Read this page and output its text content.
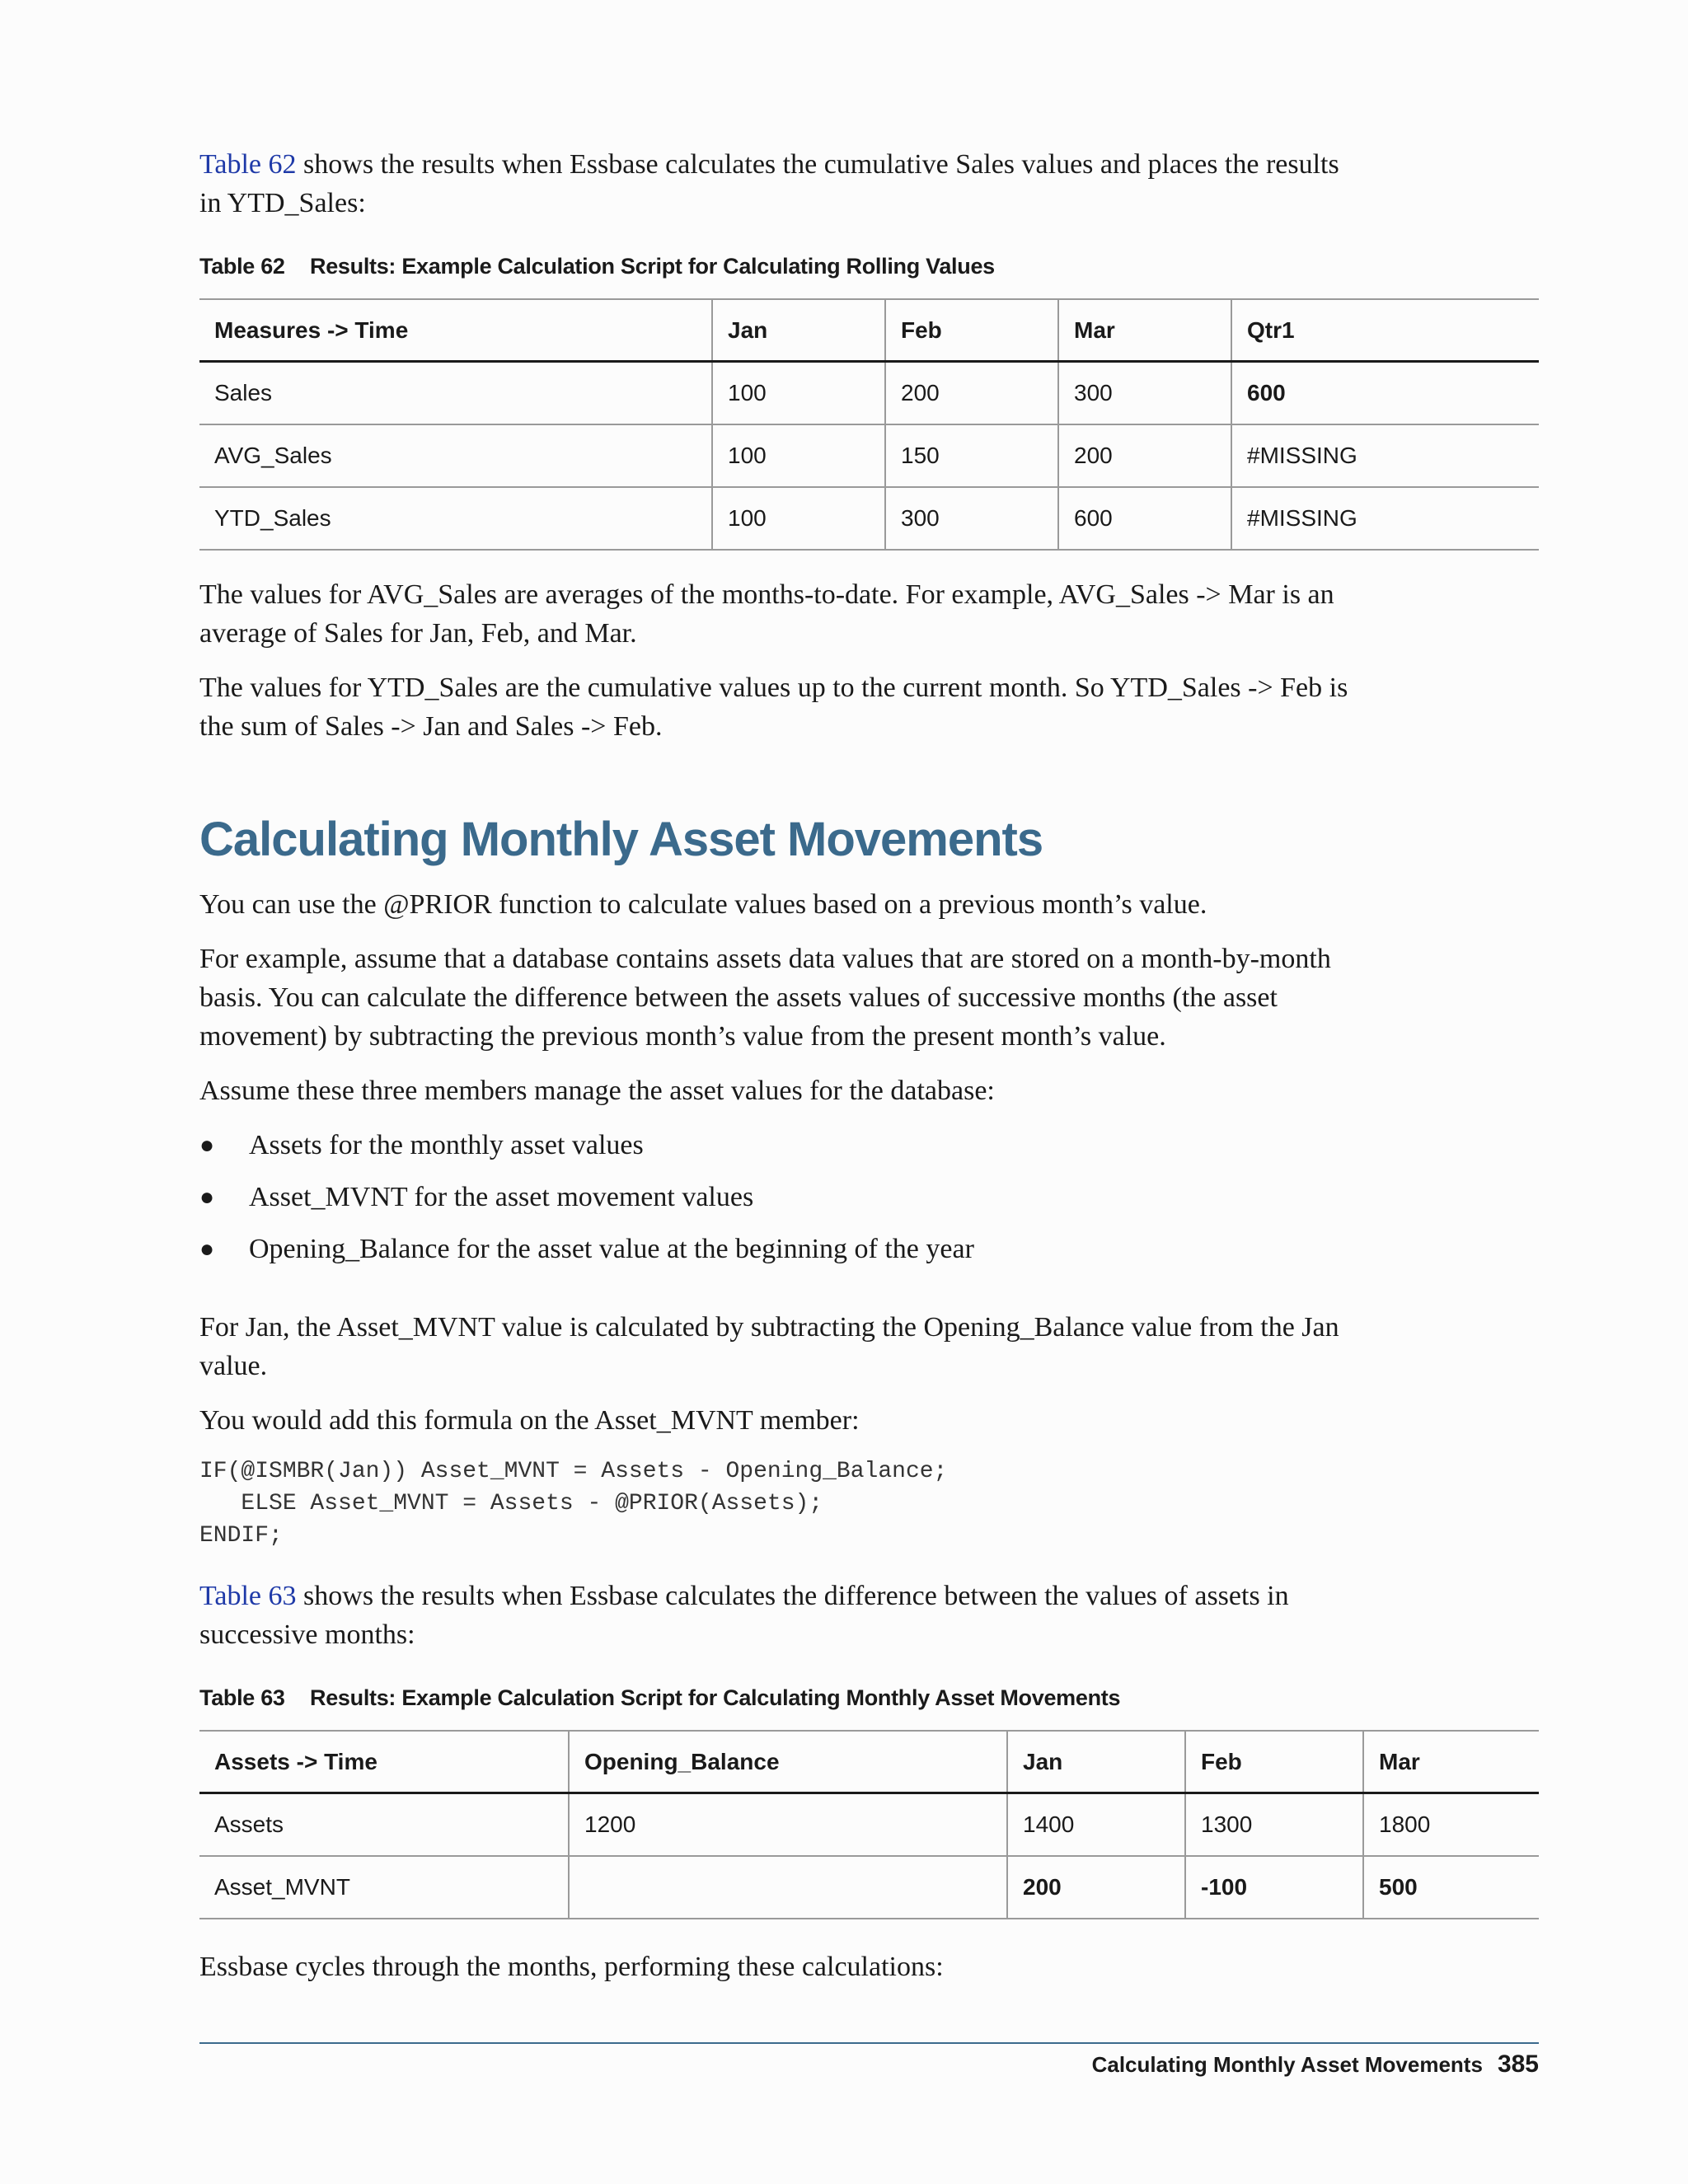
Table 62 shows the results when Essbase calculates the cumulative Sales values and places the results in YTD_Sales:

Table 62 Results: Example Calculation Script for Calculating Rolling Values
Measures -> Time	Jan	Feb	Mar	Qtr1
Sales	100	200	300	600
AVG_Sales	100	150	200	#MISSING
YTD_Sales	100	300	600	#MISSING

The values for AVG_Sales are averages of the months-to-date. For example, AVG_Sales -> Mar is an average of Sales for Jan, Feb, and Mar.

The values for YTD_Sales are the cumulative values up to the current month. So YTD_Sales -> Feb is the sum of Sales -> Jan and Sales -> Feb.

Calculating Monthly Asset Movements

You can use the @PRIOR function to calculate values based on a previous month’s value.

For example, assume that a database contains assets data values that are stored on a month-by-month basis. You can calculate the difference between the assets values of successive months (the asset movement) by subtracting the previous month’s value from the present month’s value.

Assume these three members manage the asset values for the database:

● Assets for the monthly asset values
● Asset_MVNT for the asset movement values
● Opening_Balance for the asset value at the beginning of the year

For Jan, the Asset_MVNT value is calculated by subtracting the Opening_Balance value from the Jan value.

You would add this formula on the Asset_MVNT member:

IF(@ISMBR(Jan)) Asset_MVNT = Assets - Opening_Balance;
ELSE Asset_MVNT = Assets - @PRIOR(Assets);
ENDIF;

Table 63 shows the results when Essbase calculates the difference between the values of assets in successive months:

Table 63 Results: Example Calculation Script for Calculating Monthly Asset Movements
Assets -> Time	Opening_Balance	Jan	Feb	Mar
Assets	1200	1400	1300	1800
Asset_MVNT		200	-100	500

Essbase cycles through the months, performing these calculations:

Calculating Monthly Asset Movements 385
